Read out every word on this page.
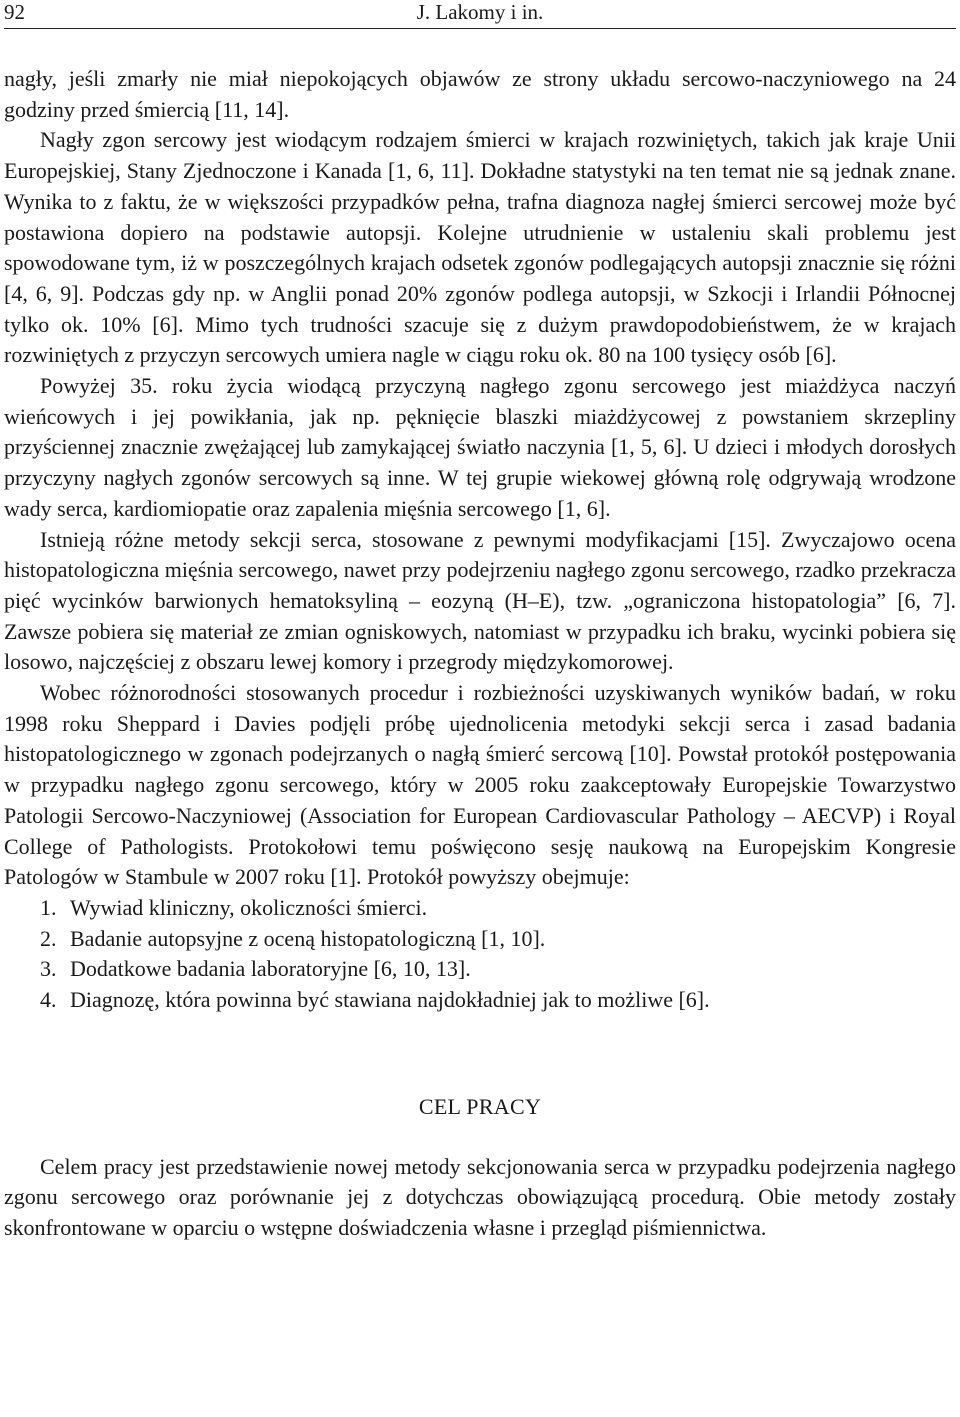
92	J. Lakomy i in.

nagły, jeśli zmarły nie miał niepokojących objawów ze strony układu sercowo-naczyniowego na 24 godziny przed śmiercią [11, 14].

Nagły zgon sercowy jest wiodącym rodzajem śmierci w krajach rozwiniętych, takich jak kraje Unii Europejskiej, Stany Zjednoczone i Kanada [1, 6, 11]. Dokładne statystyki na ten temat nie są jednak znane. Wynika to z faktu, że w większości przypadków pełna, trafna diagnoza nagłej śmierci sercowej może być postawiona dopiero na podstawie autopsji. Kolejne utrudnienie w ustaleniu skali problemu jest spowodowane tym, iż w poszczególnych krajach odsetek zgonów podlegających autopsji znacznie się różni [4, 6, 9]. Podczas gdy np. w Anglii ponad 20% zgonów podlega autopsji, w Szkocji i Irlandii Północnej tylko ok. 10% [6]. Mimo tych trudności szacuje się z dużym prawdopodobieństwem, że w krajach rozwiniętych z przyczyn sercowych umiera nagle w ciągu roku ok. 80 na 100 tysięcy osób [6].

Powyżej 35. roku życia wiodącą przyczyną nagłego zgonu sercowego jest miażdżyca naczyń wieńcowych i jej powikłania, jak np. pęknięcie blaszki miażdżycowej z powstaniem skrzepliny przyściennej znacznie zwężającej lub zamykającej światło naczynia [1, 5, 6]. U dzieci i młodych dorosłych przyczyny nagłych zgonów sercowych są inne. W tej grupie wiekowej główną rolę odgrywają wrodzone wady serca, kardiomiopatie oraz zapalenia mięśnia sercowego [1, 6].

Istnieją różne metody sekcji serca, stosowane z pewnymi modyfikacjami [15]. Zwyczajowo ocena histopatologiczna mięśnia sercowego, nawet przy podejrzeniu nagłego zgonu sercowego, rzadko przekracza pięć wycinków barwionych hematoksyliną – eozyną (H–E), tzw. „ograniczona histopatologia” [6, 7]. Zawsze pobiera się materiał ze zmian ogniskowych, natomiast w przypadku ich braku, wycinki pobiera się losowo, najczęściej z obszaru lewej komory i przegrody międzykomorowej.

Wobec różnorodności stosowanych procedur i rozbieżności uzyskiwanych wyników badań, w roku 1998 roku Sheppard i Davies podjęli próbę ujednolicenia metodyki sekcji serca i zasad badania histopatologicznego w zgonach podejrzanych o nagłą śmierć sercową [10]. Powstał protokół postępowania w przypadku nagłego zgonu sercowego, który w 2005 roku zaakceptowały Europejskie Towarzystwo Patologii Sercowo-Naczyniowej (Association for European Cardiovascular Pathology – AECVP) i Royal College of Pathologists. Protokołowi temu poświęcono sesję naukową na Europejskim Kongresie Patologów w Stambule w 2007 roku [1]. Protokół powyższy obejmuje:

1. Wywiad kliniczny, okoliczności śmierci.
2. Badanie autopsyjne z oceną histopatologiczną [1, 10].
3. Dodatkowe badania laboratoryjne [6, 10, 13].
4. Diagnozę, która powinna być stawiana najdokładniej jak to możliwe [6].
CEL PRACY

Celem pracy jest przedstawienie nowej metody sekcjonowania serca w przypadku podejrzenia nagłego zgonu sercowego oraz porównanie jej z dotychczas obowiązującą procedurą. Obie metody zostały skonfrontowane w oparciu o wstępne doświadczenia własne i przegląd piśmiennictwa.
